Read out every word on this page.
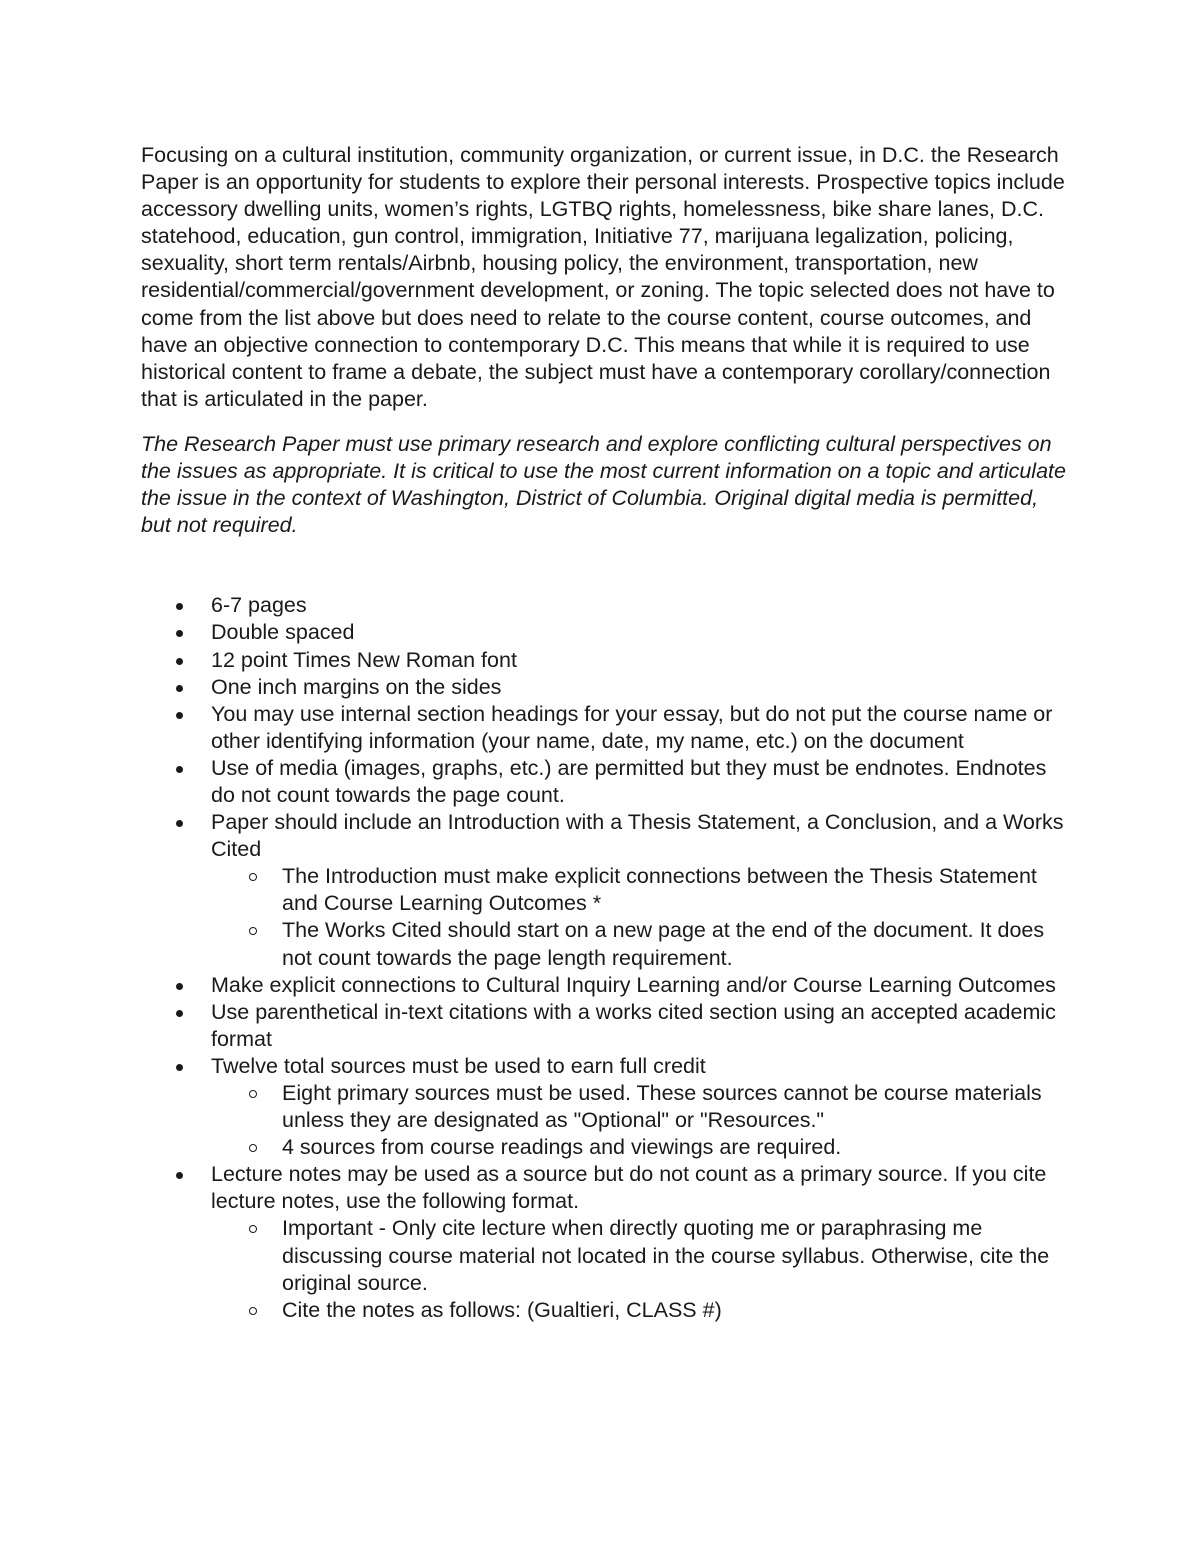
Focusing on a cultural institution, community organization, or current issue, in D.C. the Research Paper is an opportunity for students to explore their personal interests. Prospective topics include accessory dwelling units, women’s rights, LGTBQ rights, homelessness, bike share lanes, D.C. statehood, education, gun control, immigration, Initiative 77, marijuana legalization, policing, sexuality, short term rentals/Airbnb, housing policy, the environment, transportation, new residential/commercial/government development, or zoning. The topic selected does not have to come from the list above but does need to relate to the course content, course outcomes, and have an objective connection to contemporary D.C. This means that while it is required to use historical content to frame a debate, the subject must have a contemporary corollary/connection that is articulated in the paper.

The Research Paper must use primary research and explore conflicting cultural perspectives on the issues as appropriate. It is critical to use the most current information on a topic and articulate the issue in the context of Washington, District of Columbia. Original digital media is permitted, but not required.

6-7 pages
Double spaced
12 point Times New Roman font
One inch margins on the sides
You may use internal section headings for your essay, but do not put the course name or other identifying information (your name, date, my name, etc.) on the document
Use of media (images, graphs, etc.) are permitted but they must be endnotes. Endnotes do not count towards the page count.
Paper should include an Introduction with a Thesis Statement, a Conclusion, and a Works Cited
The Introduction must make explicit connections between the Thesis Statement and Course Learning Outcomes *
The Works Cited should start on a new page at the end of the document. It does not count towards the page length requirement.
Make explicit connections to Cultural Inquiry Learning and/or Course Learning Outcomes
Use parenthetical in-text citations with a works cited section using an accepted academic format
Twelve total sources must be used to earn full credit
Eight primary sources must be used. These sources cannot be course materials unless they are designated as "Optional" or "Resources."
4 sources from course readings and viewings are required.
Lecture notes may be used as a source but do not count as a primary source. If you cite lecture notes, use the following format.
Important - Only cite lecture when directly quoting me or paraphrasing me discussing course material not located in the course syllabus. Otherwise, cite the original source.
Cite the notes as follows: (Gualtieri, CLASS #)
